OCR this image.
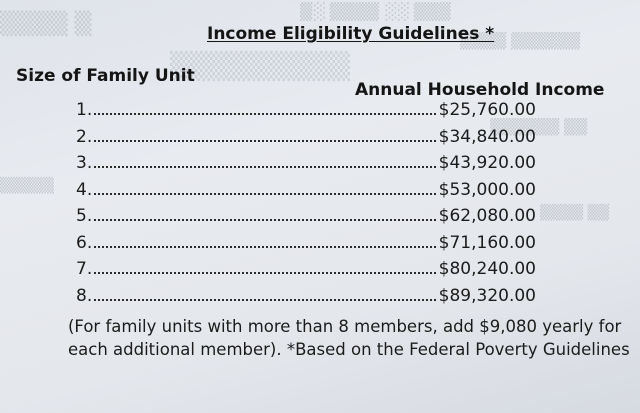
▒▒▒ ░░ ▒▒▒▒ ░▒
▒▒▒▒ ▒
▒▒▒▒▒▒▒▒▒
▒▒▒▒▒▒ ▒▒▒▒
▒▒ ▒▒▒▒▒▒
▒▒▒▒▒
▒▒ ▒▒▒▒
Income Eligibility Guidelines *
Size of Family Unit
Annual Household Income
1.	$25,760.00
2.	$34,840.00
3.	$43,920.00
4.	$53,000.00
5.	$62,080.00
6.	$71,160.00
7.	$80,240.00
8.	$89,320.00
(For family units with more than 8 members, add $9,080 yearly for each additional member). *Based on the Federal Poverty Guidelines
